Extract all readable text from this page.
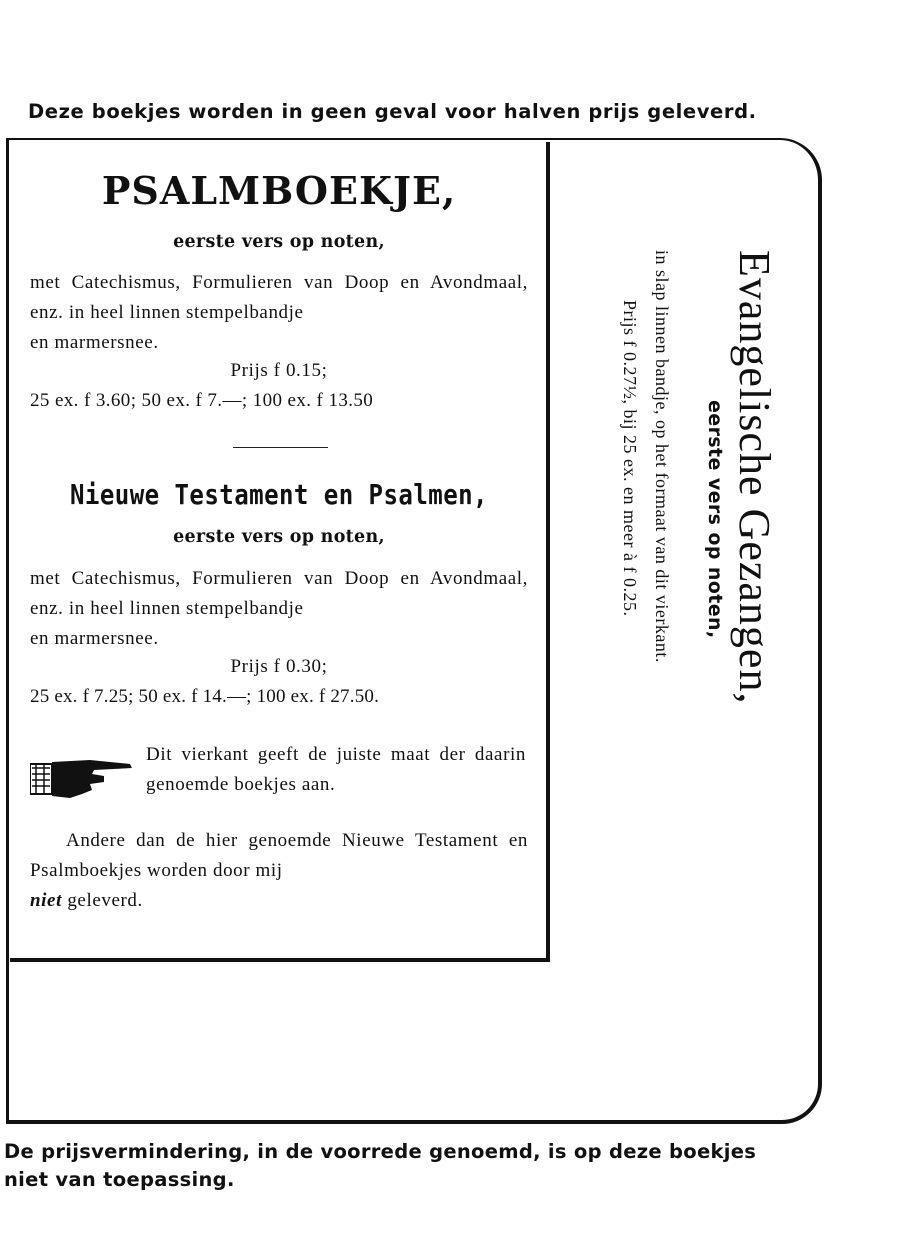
Deze boekjes worden in geen geval voor halven prijs geleverd.
PSALMBOEKJE,
eerste vers op noten,
met Catechismus, Formulieren van Doop en Avondmaal, enz. in heel linnen stempelbandje
en marmersnee.
Prijs f 0.15;
25 ex. f 3.60; 50 ex. f 7.—; 100 ex. f 13.50
Nieuwe Testament en Psalmen,
eerste vers op noten,
met Catechismus, Formulieren van Doop en Avondmaal, enz. in heel linnen stempelbandje
en marmersnee.
Prijs f 0.30;
25 ex. f 7.25; 50 ex. f 14.—; 100 ex. f 27.50.
Dit vierkant geeft de juiste maat der daarin genoemde boekjes aan.
Andere dan de hier genoemde Nieuwe Testament en Psalmboekjes worden door mij
niet geleverd.
Evangelische Gezangen,
eerste vers op noten,
in slap linnen bandje, op het formaat van dit vierkant.
Prijs f 0.27½, bij 25 ex. en meer à f 0.25.
De prijsvermindering, in de voorrede genoemd, is op deze boekjes
niet van toepassing.
